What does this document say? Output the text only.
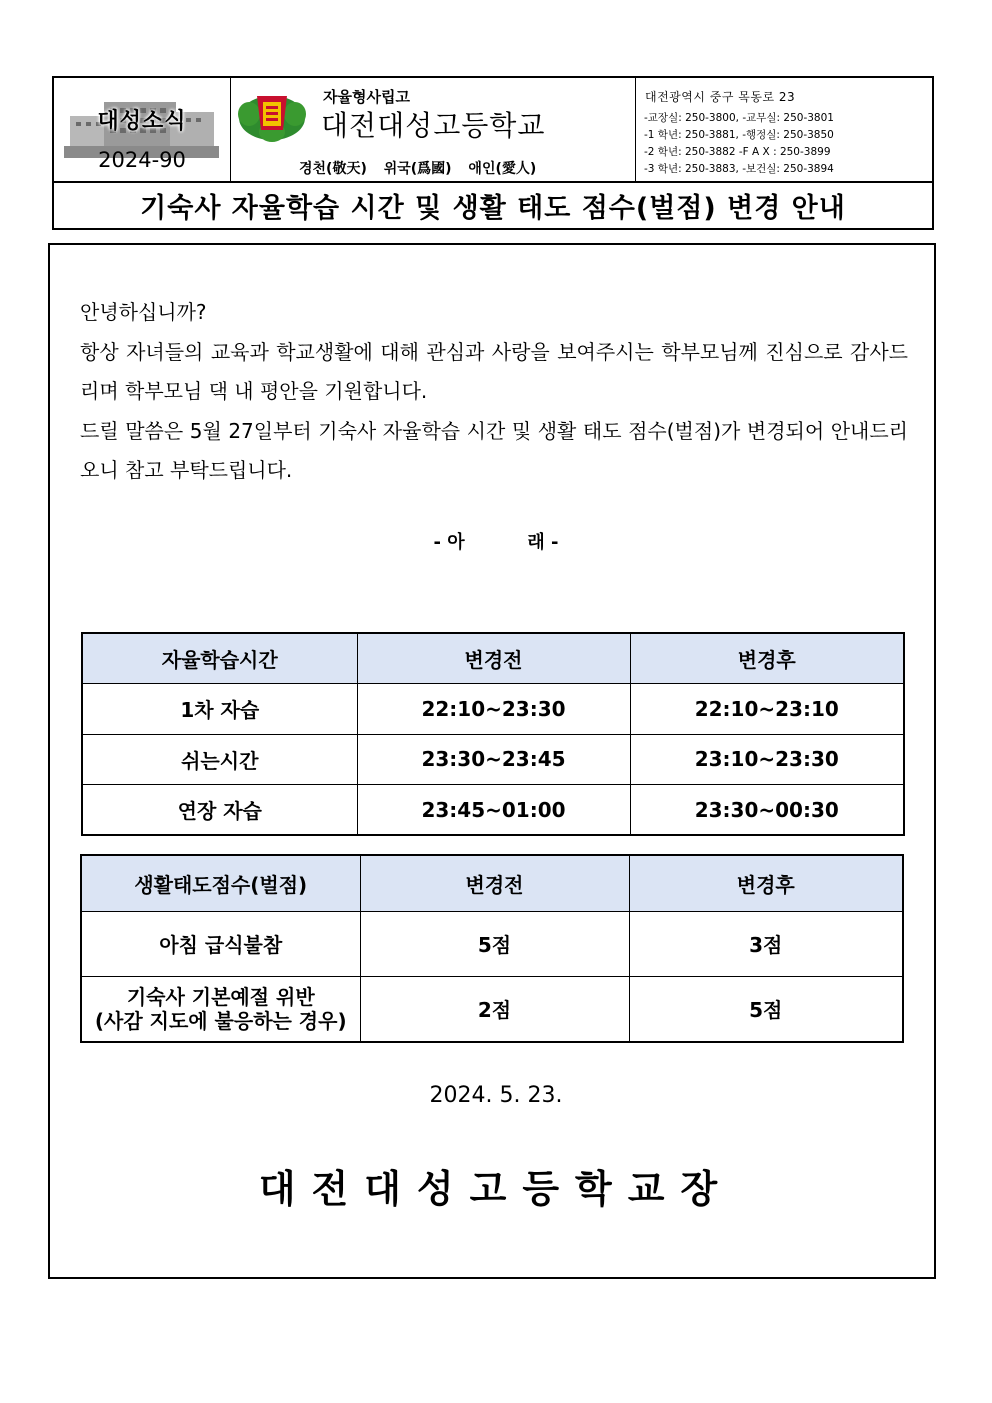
대성소식
2024-90
자율형사립고
대전대성고등학교
경천(敬天) 위국(爲國) 애인(愛人)
대전광역시 중구 목동로 23
-교장실: 250-3800, -교무실: 250-3801
-1 학년: 250-3881, -행정실: 250-3850
-2 학년: 250-3882 -F A X : 250-3899
-3 학년: 250-3883, -보건실: 250-3894
기숙사 자율학습 시간 및 생활 태도 점수(벌점) 변경 안내

안녕하십니까?

항상 자녀들의 교육과 학교생활에 대해 관심과 사랑을 보여주시는 학부모님께 진심으로 감사드리며 학부모님 댁 내 평안을 기원합니다.

드릴 말씀은 5월 27일부터 기숙사 자율학습 시간 및 생활 태도 점수(벌점)가 변경되어 안내드리오니 참고 부탁드립니다.

- 아          래 -
자율학습시간	변경전	변경후
1차 자습	22:10~23:30	22:10~23:10
쉬는시간	23:30~23:45	23:10~23:30
연장 자습	23:45~01:00	23:30~00:30
생활태도점수(벌점)	변경전	변경후
아침 급식불참	5점	3점

기숙사 기본예절 위반
(사감 지도에 불응하는 경우)	2점	5점
2024. 5. 23.
대전대성고등학교장
